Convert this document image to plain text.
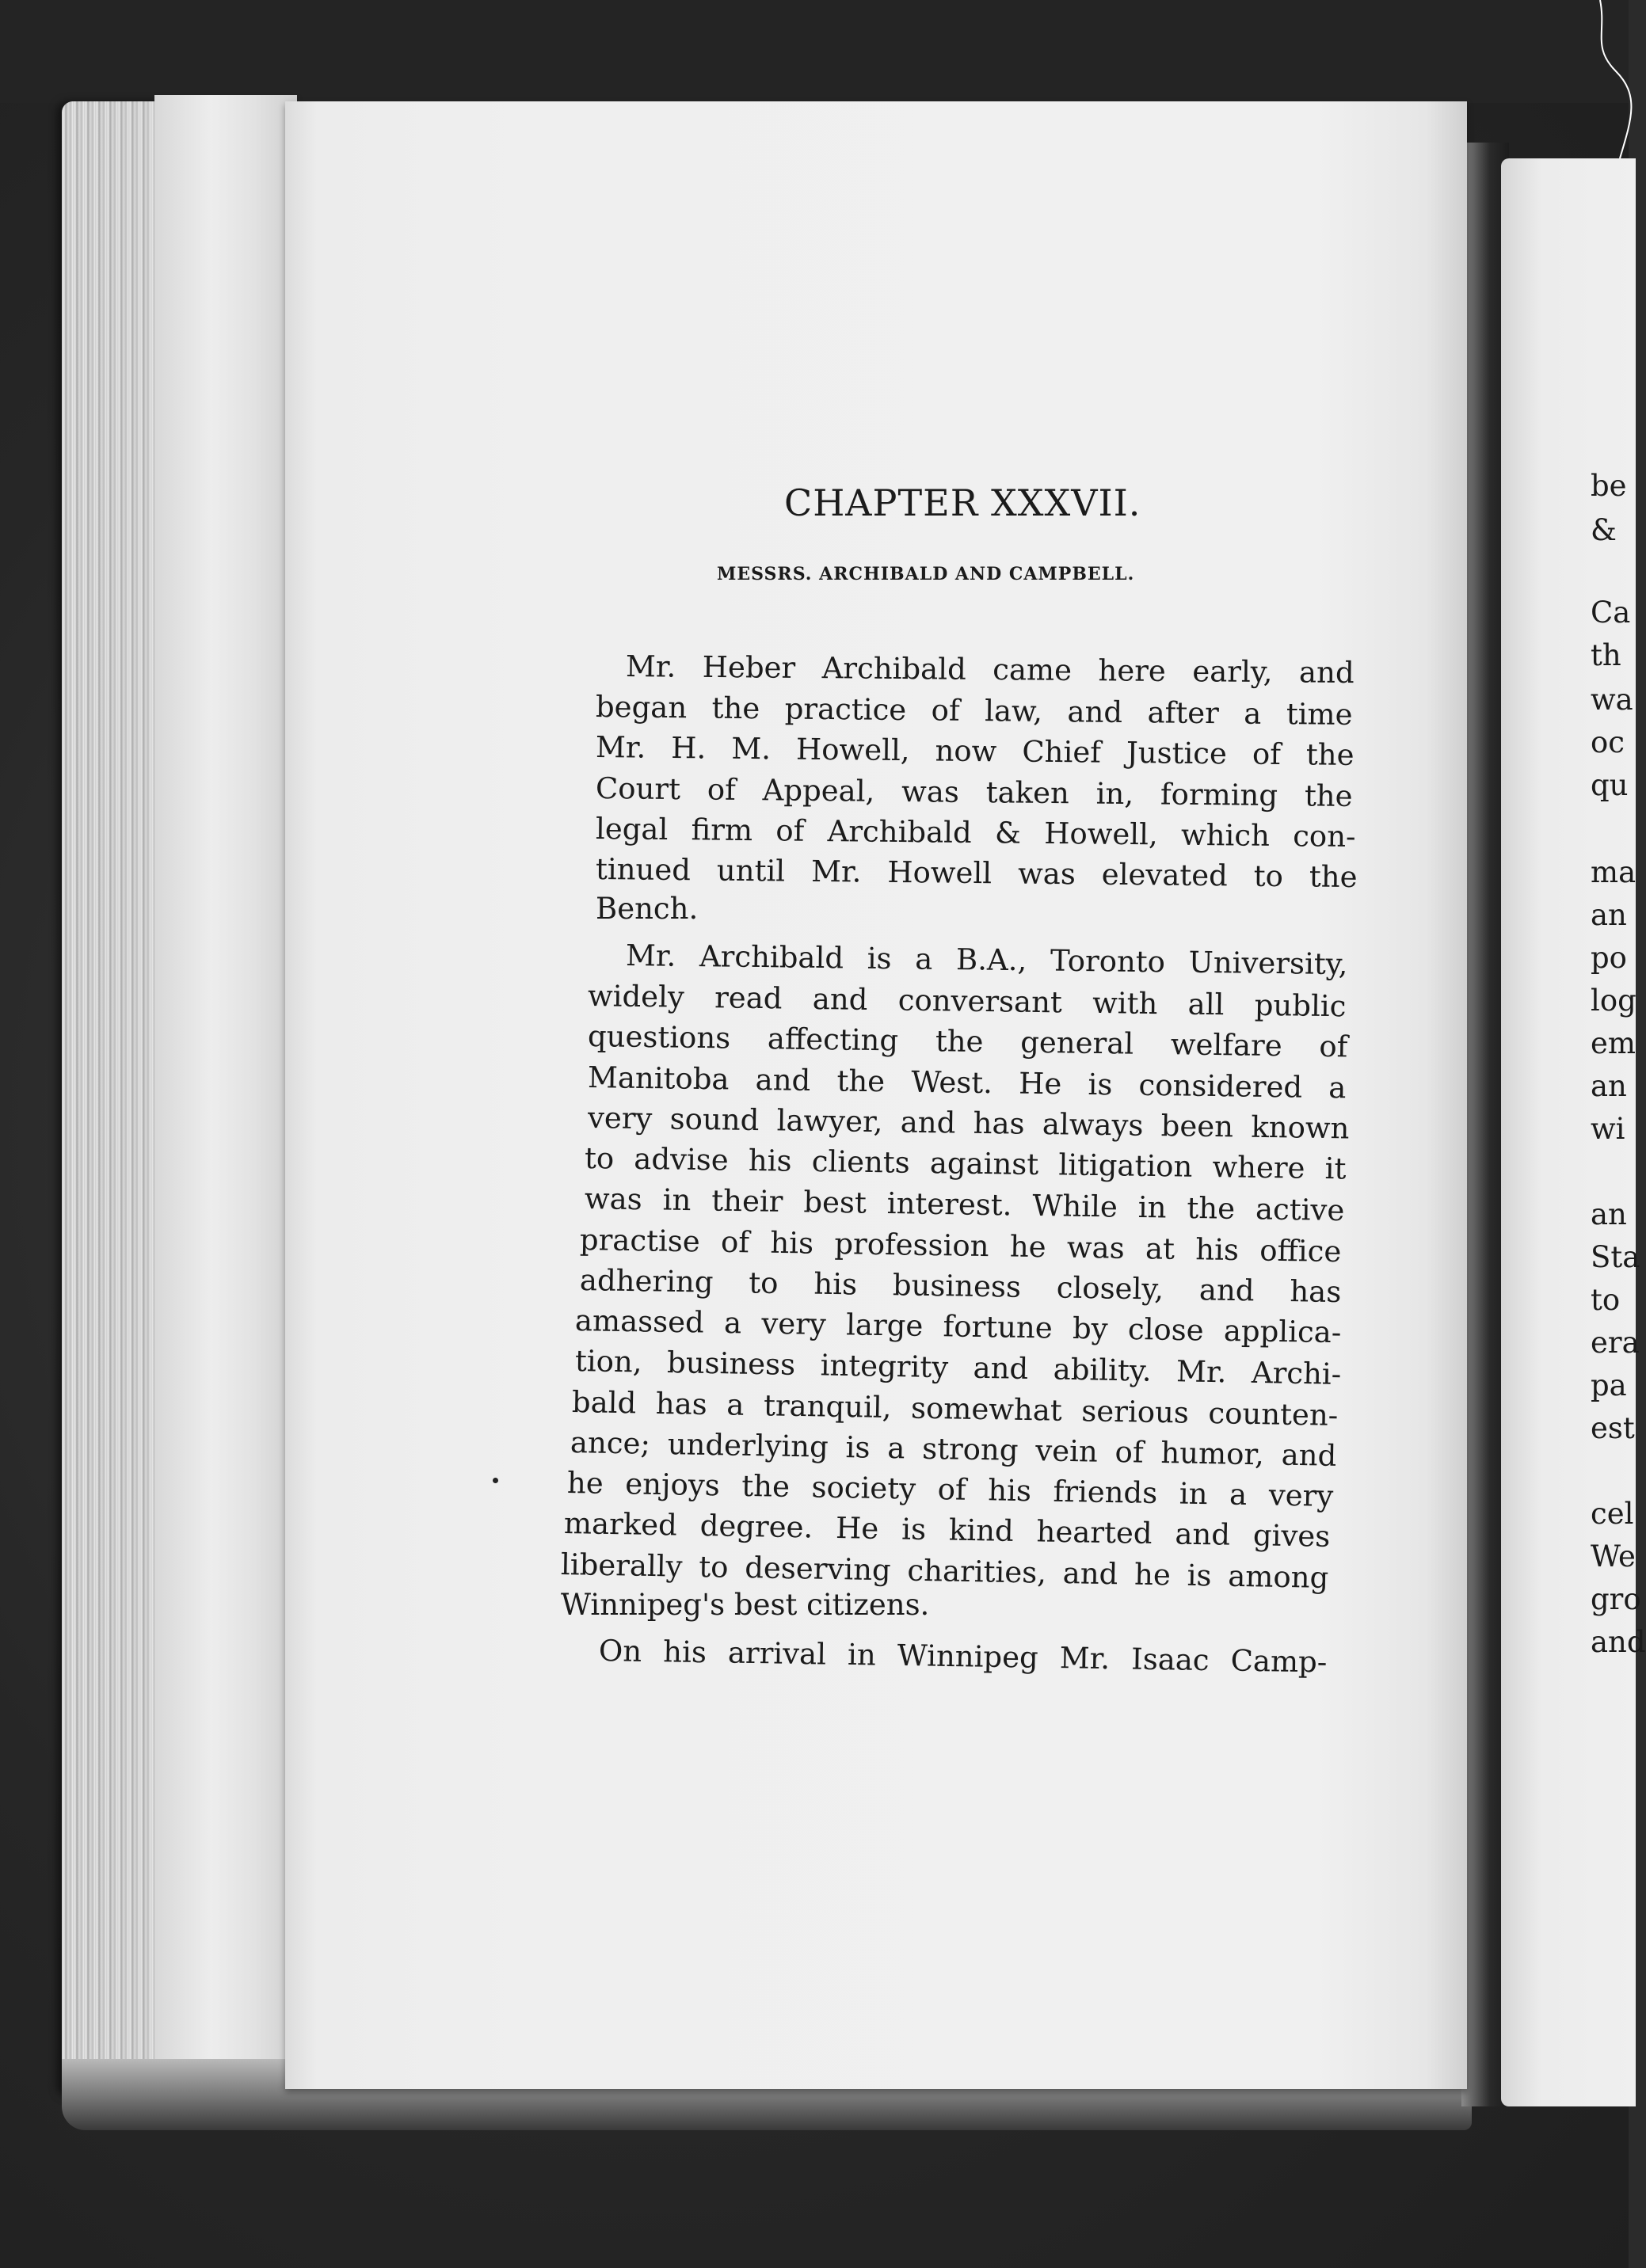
CHAPTER XXXVII.
MESSRS. ARCHIBALD AND CAMPBELL.
Mr. Heber Archibald came here early, and
began the practice of law, and after a time
Mr. H. M. Howell, now Chief Justice of the
Court of Appeal, was taken in, forming the
legal firm of Archibald & Howell, which con-
tinued until Mr. Howell was elevated to the
Bench.
Mr. Archibald is a B.A., Toronto University,
widely read and conversant with all public
questions affecting the general welfare of
Manitoba and the West. He is considered a
very sound lawyer, and has always been known
to advise his clients against litigation where it
was in their best interest. While in the active
practise of his profession he was at his office
adhering to his business closely, and has
amassed a very large fortune by close applica-
tion, business integrity and ability. Mr. Archi-
bald has a tranquil, somewhat serious counten-
ance; underlying is a strong vein of humor, and
he enjoys the society of his friends in a very
marked degree. He is kind hearted and gives
liberally to deserving charities, and he is among
Winnipeg's best citizens.
On his arrival in Winnipeg Mr. Isaac Camp-
be
&
Ca
th
wa
oc
qu
ma
an
po
log
em
an
wi
an
Sta
to
era
pa
est
cel
We
gro
and
